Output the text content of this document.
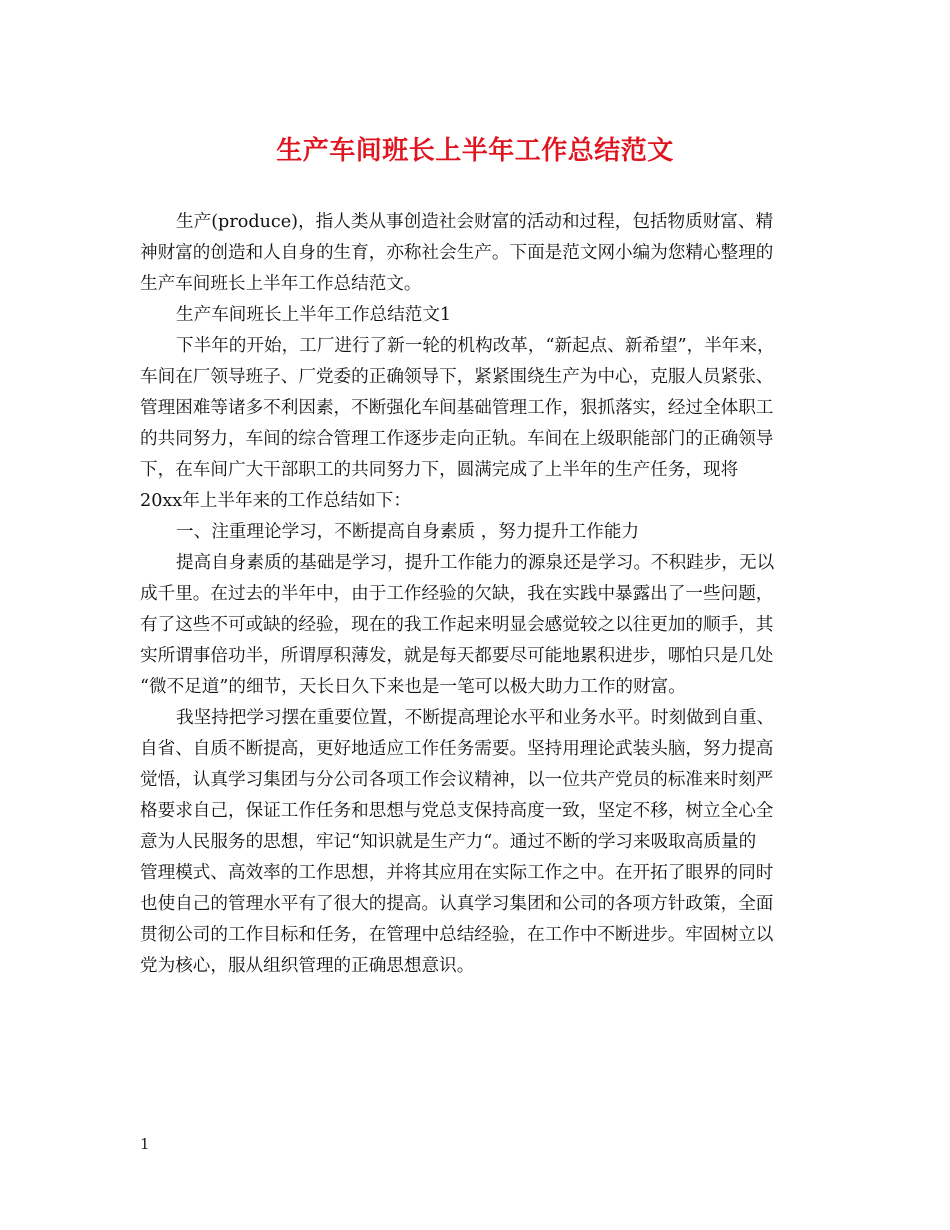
生产车间班长上半年工作总结范文

生产(produce)，指人类从事创造社会财富的活动和过程，包括物质财富、精

神财富的创造和人自身的生育，亦称社会生产。下面是范文网小编为您精心整理的

生产车间班长上半年工作总结范文。

生产车间班长上半年工作总结范文1

下半年的开始，工厂进行了新一轮的机构改革，“新起点、新希望”，半年来，

车间在厂领导班子、厂党委的正确领导下，紧紧围绕生产为中心，克服人员紧张、

管理困难等诸多不利因素，不断强化车间基础管理工作，狠抓落实，经过全体职工

的共同努力，车间的综合管理工作逐步走向正轨。车间在上级职能部门的正确领导

下，在车间广大干部职工的共同努力下，圆满完成了上半年的生产任务，现将

20xx年上半年来的工作总结如下：

一、注重理论学习，不断提高自身素质 ，努力提升工作能力

提高自身素质的基础是学习，提升工作能力的源泉还是学习。不积跬步，无以

成千里。在过去的半年中，由于工作经验的欠缺，我在实践中暴露出了一些问题，

有了这些不可或缺的经验，现在的我工作起来明显会感觉较之以往更加的顺手，其

实所谓事倍功半，所谓厚积薄发，就是每天都要尽可能地累积进步，哪怕只是几处

“微不足道”的细节，天长日久下来也是一笔可以极大助力工作的财富。

我坚持把学习摆在重要位置，不断提高理论水平和业务水平。时刻做到自重、

自省、自质不断提高，更好地适应工作任务需要。坚持用理论武装头脑，努力提高

觉悟，认真学习集团与分公司各项工作会议精神，以一位共产党员的标准来时刻严

格要求自己，保证工作任务和思想与党总支保持高度一致，坚定不移，树立全心全

意为人民服务的思想，牢记“知识就是生产力“。通过不断的学习来吸取高质量的

管理模式、高效率的工作思想，并将其应用在实际工作之中。在开拓了眼界的同时

也使自己的管理水平有了很大的提高。认真学习集团和公司的各项方针政策，全面

贯彻公司的工作目标和任务，在管理中总结经验，在工作中不断进步。牢固树立以

党为核心，服从组织管理的正确思想意识。

1
